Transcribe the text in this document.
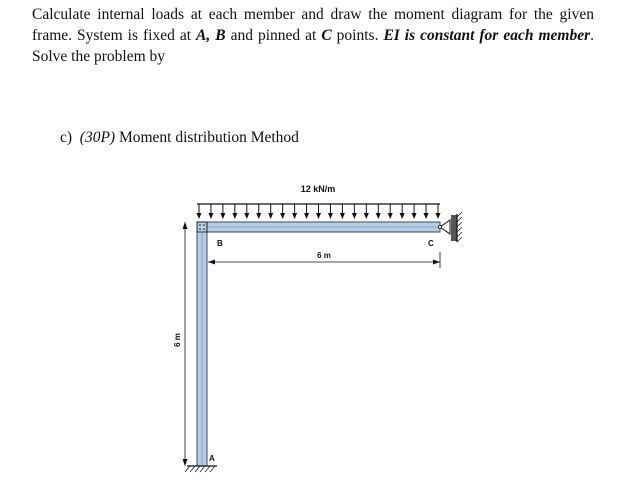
Calculate internal loads at each member and draw the moment diagram for the given frame. System is fixed at A, B and pinned at C points. EI is constant for each member. Solve the problem by
c) (30P) Moment distribution Method
12 kN/m
6 m
6 m
B	C
A
